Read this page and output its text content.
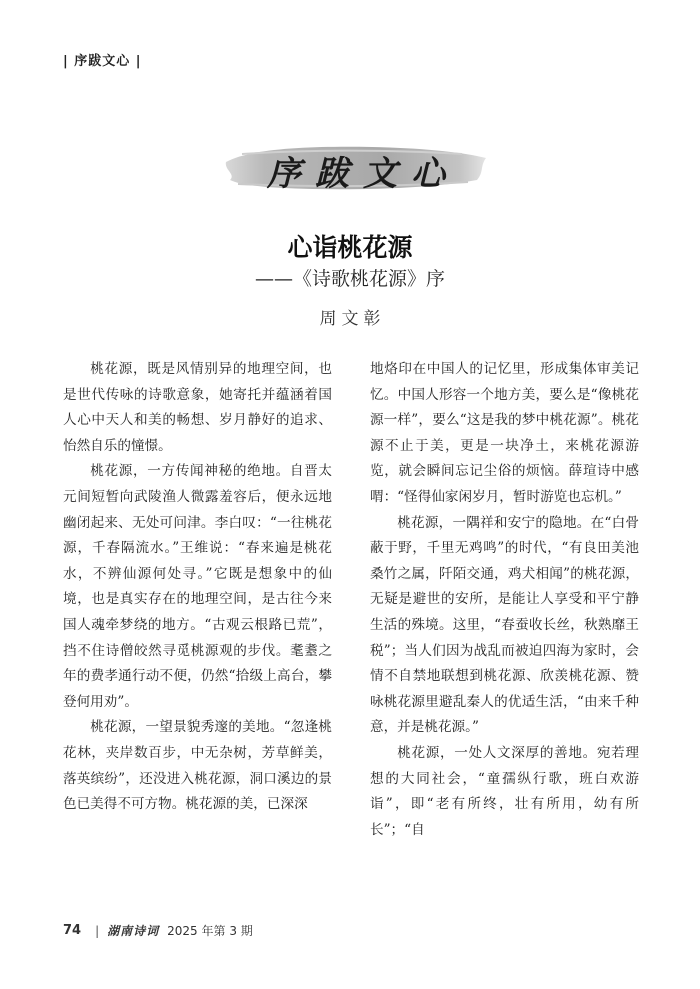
| 序跋文心 |
序跋文心
心诣桃花源
——《诗歌桃花源》序
周文彰

桃花源，既是风情别异的地理空间，也是世代传咏的诗歌意象，她寄托并蕴涵着国人心中天人和美的畅想、岁月静好的追求、怡然自乐的憧憬。

桃花源，一方传闻神秘的绝地。自晋太元间短暂向武陵渔人微露羞容后，便永远地幽闭起来、无处可问津。李白叹：“一往桃花源，千春隔流水。”王维说：“春来遍是桃花水，不辨仙源何处寻。”它既是想象中的仙境，也是真实存在的地理空间，是古往今来国人魂牵梦绕的地方。“古观云根路已荒”，挡不住诗僧皎然寻觅桃源观的步伐。耄耋之年的费孝通行动不便，仍然“拾级上高台，攀登何用劝”。

桃花源，一望景貌秀邃的美地。“忽逢桃花林，夹岸数百步，中无杂树，芳草鲜美，落英缤纷”，还没进入桃花源，洞口溪边的景色已美得不可方物。桃花源的美，已深深

地烙印在中国人的记忆里，形成集体审美记忆。中国人形容一个地方美，要么是“像桃花源一样”，要么“这是我的梦中桃花源”。桃花源不止于美，更是一块净土，来桃花源游览，就会瞬间忘记尘俗的烦恼。薛瑄诗中感喟：“怪得仙家闲岁月，暂时游览也忘机。”

桃花源，一隅祥和安宁的隐地。在“白骨蔽于野，千里无鸡鸣”的时代，“有良田美池桑竹之属，阡陌交通，鸡犬相闻”的桃花源，无疑是避世的安所，是能让人享受和平宁静生活的殊境。这里，“春蚕收长丝，秋熟靡王税”；当人们因为战乱而被迫四海为家时，会情不自禁地联想到桃花源、欣羡桃花源、赞咏桃花源里避乱秦人的优适生活，“由来千种意，并是桃花源。”

桃花源，一处人文深厚的善地。宛若理想的大同社会，“童孺纵行歌，班白欢游诣”，即“老有所终，壮有所用，幼有所长”；“自

74 | 湖南诗词 2025 年第 3 期
